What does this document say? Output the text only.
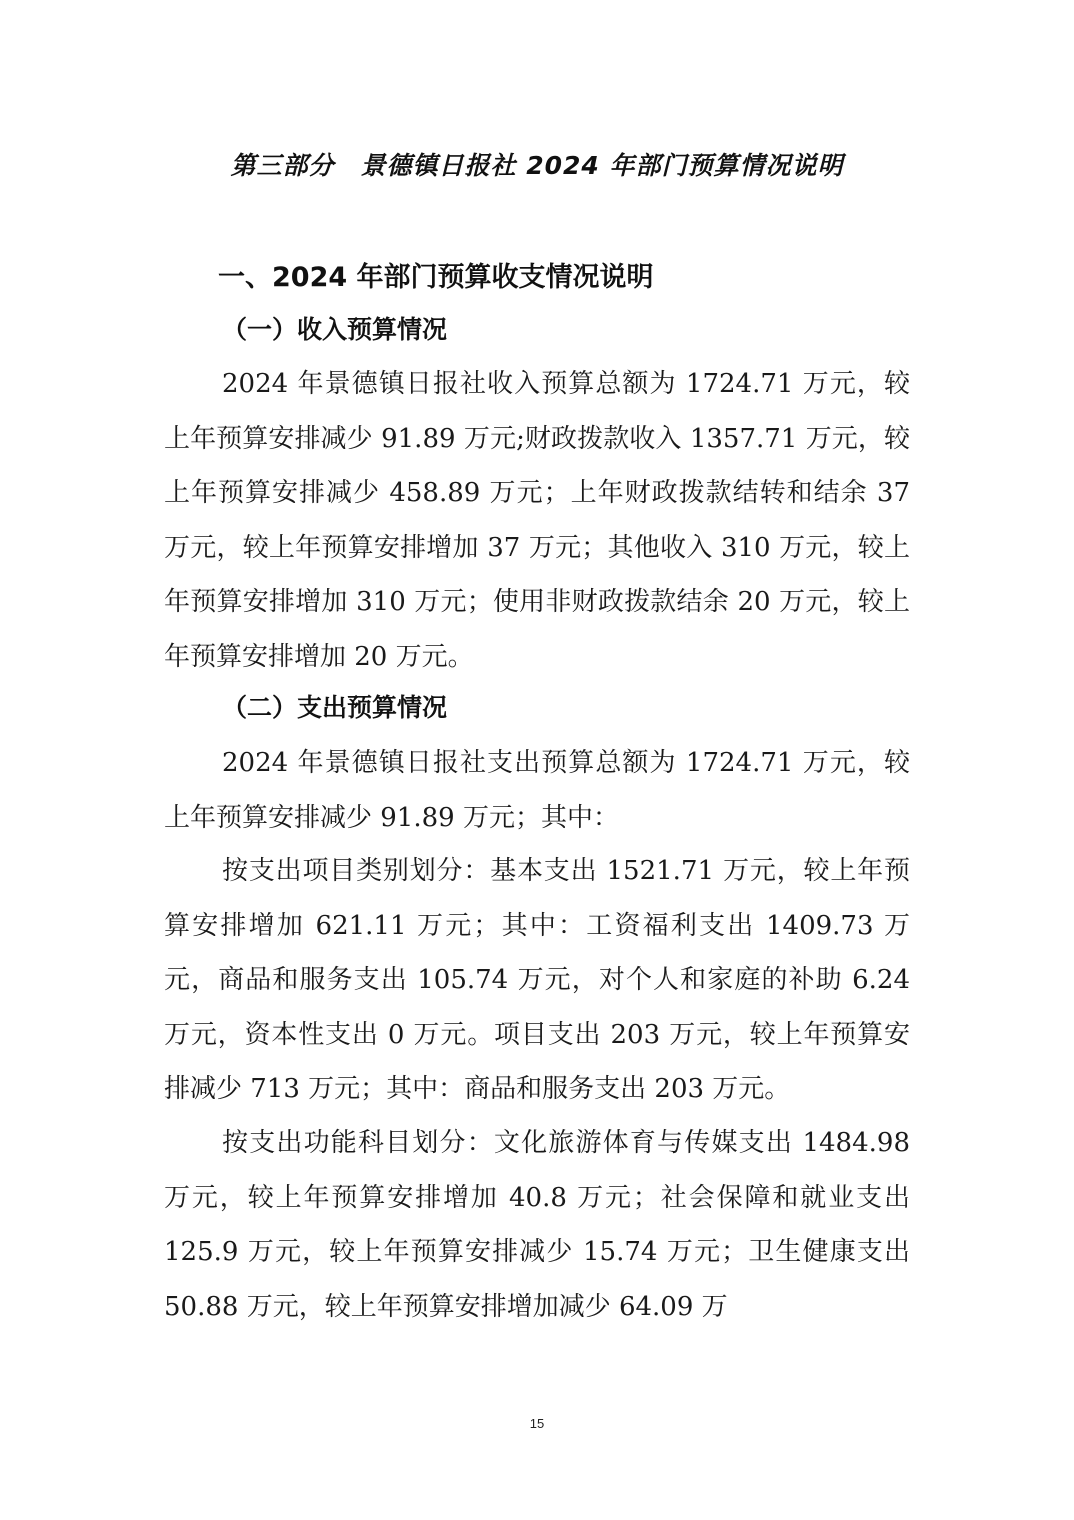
第三部分　景德镇日报社 2024 年部门预算情况说明
一、2024 年部门预算收支情况说明
（一）收入预算情况

2024 年景德镇日报社收入预算总额为 1724.71 万元，较上年预算安排减少 91.89 万元;财政拨款收入 1357.71 万元，较上年预算安排减少 458.89 万元；上年财政拨款结转和结余 37 万元，较上年预算安排增加 37 万元；其他收入 310 万元，较上年预算安排增加 310 万元；使用非财政拨款结余 20 万元，较上年预算安排增加 20 万元。

（二）支出预算情况

2024 年景德镇日报社支出预算总额为 1724.71 万元，较上年预算安排减少 91.89 万元；其中：

按支出项目类别划分：基本支出 1521.71 万元，较上年预算安排增加 621.11 万元；其中：工资福利支出 1409.73 万元，商品和服务支出 105.74 万元，对个人和家庭的补助 6.24 万元，资本性支出 0 万元。项目支出 203 万元，较上年预算安排减少 713 万元；其中：商品和服务支出 203 万元。

按支出功能科目划分：文化旅游体育与传媒支出 1484.98 万元，较上年预算安排增加 40.8 万元；社会保障和就业支出 125.9 万元，较上年预算安排减少 15.74 万元；卫生健康支出 50.88 万元，较上年预算安排增加减少 64.09 万

15
